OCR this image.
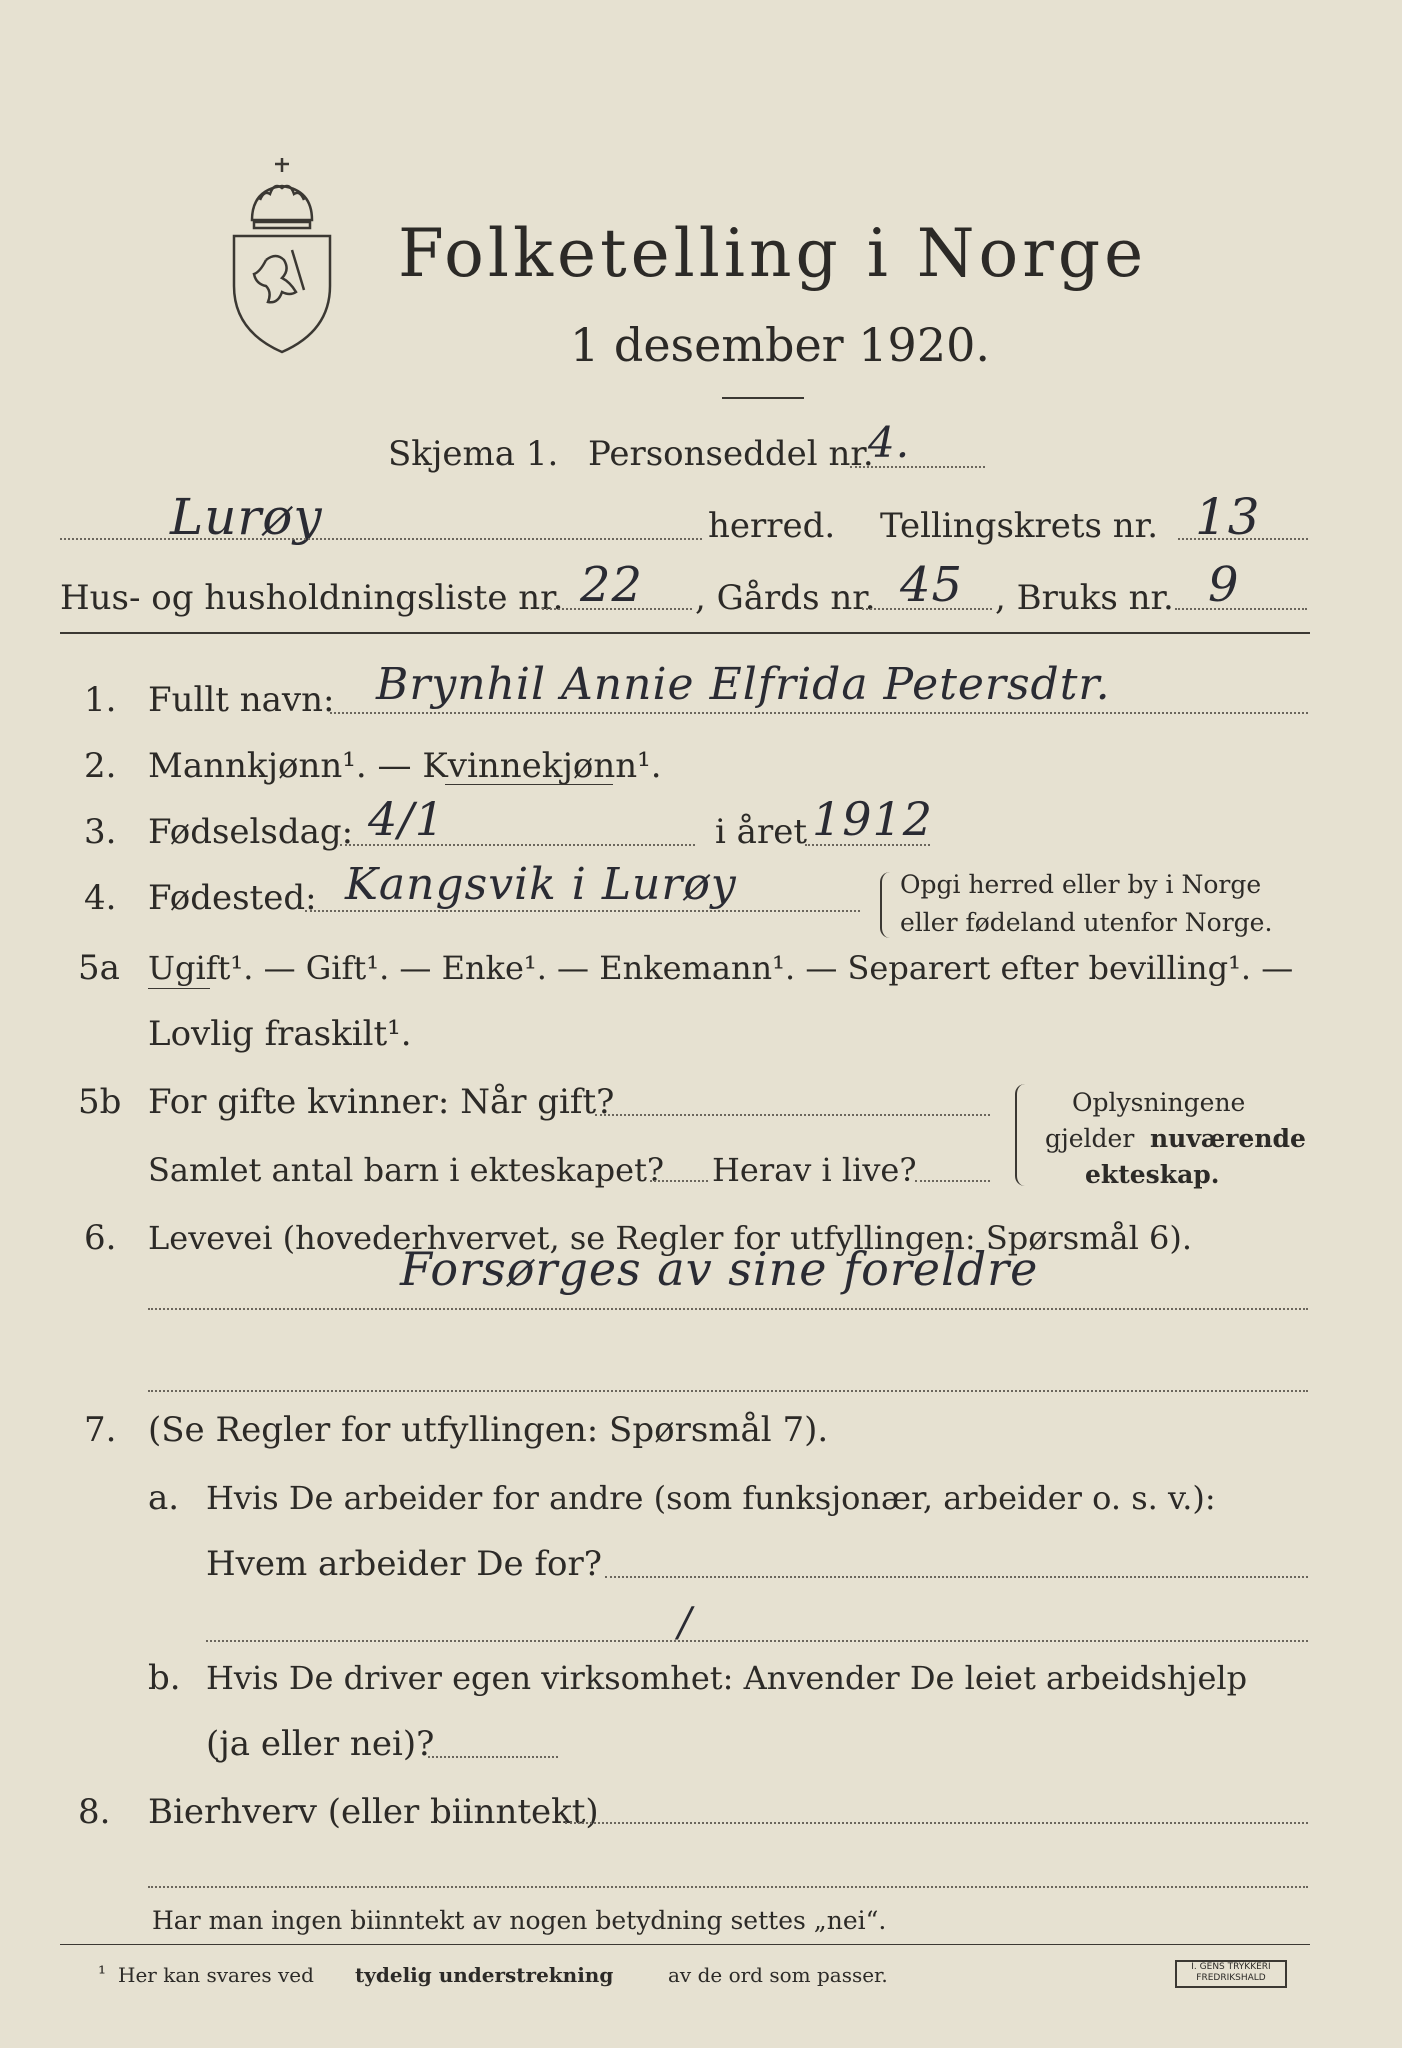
Folketelling i Norge
1 desember 1920.
Skjema 1. Personseddel nr.
4.
Lurøy	herred. Tellingskrets nr. 13
Hus- og husholdningsliste nr. 22 , Gårds nr. 45 , Bruks nr. 9
1. Fullt navn: Brynhil Annie Elfrida Petersdtr.
2. Mannkjønn¹. — Kvinnekjønn¹.
3. Fødselsdag: 4/1	i året 1912
4. Fødested: Kangsvik i Lurøy	Opgi herred eller by i Norge
eller fødeland utenfor Norge.
5a Ugift¹. — Gift¹. — Enke¹. — Enkemann¹. — Separert efter bevilling¹. —
Lovlig fraskilt¹.
5b For gifte kvinner: Når gift?
Samlet antal barn i ekteskapet? Herav i live?
Oplysningene
gjelder nuværende
ekteskap.
6. Levevei (hovederhvervet, se Regler for utfyllingen: Spørsmål 6).
Forsørges av sine foreldre
7. (Se Regler for utfyllingen: Spørsmål 7).
a. Hvis De arbeider for andre (som funksjonær, arbeider o. s. v.):
Hvem arbeider De for?
/
b. Hvis De driver egen virksomhet: Anvender De leiet arbeidshjelp
(ja eller nei)?
8. Bierhverv (eller biinntekt)
Har man ingen biinntekt av nogen betydning settes „nei“.
¹ Her kan svares ved tydelig understrekning	av de ord som passer.	I. GENS TRYKKERI
FREDRIKSHALD
